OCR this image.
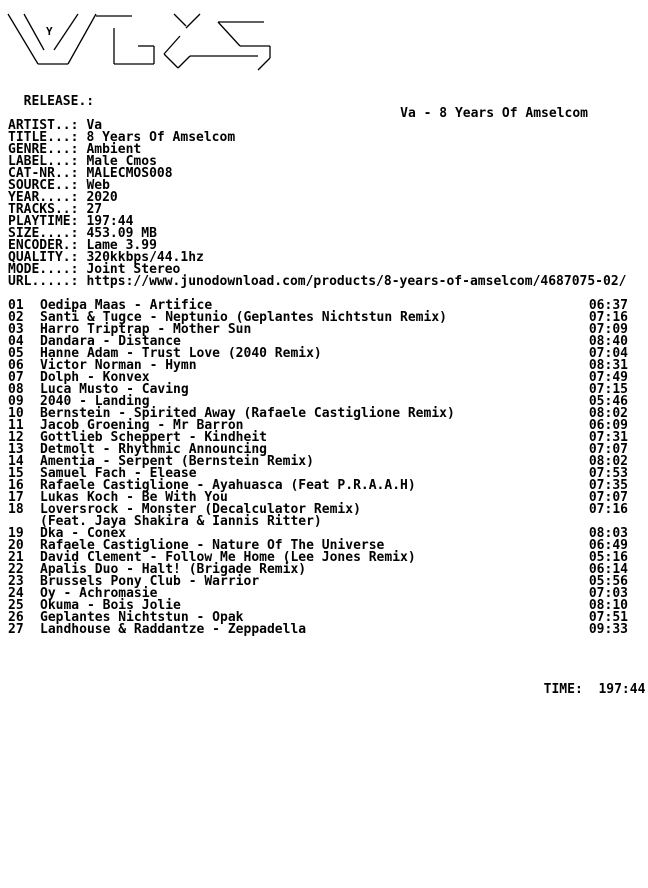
Y

RELEASE.:

Va - 8 Years Of Amselcom

ARTIST..: Va
TITLE...: 8 Years Of Amselcom
GENRE...: Ambient
LABEL...: Male Cmos
CAT-NR..: MALECMOS008
SOURCE..: Web
YEAR....: 2020
TRACKS..: 27
PLAYTIME: 197:44
SIZE....: 453.09 MB
ENCODER.: Lame 3.99
QUALITY.: 320kkbps/44.1hz
MODE....: Joint Stereo
URL.....: https://www.junodownload.com/products/8-years-of-amselcom/4687075-02/
01 Oedipa Maas - Artifice	06:37
02 Santi & Tugce - Neptunio (Geplantes Nichtstun Remix)	07:16
03 Harro Triptrap - Mother Sun	07:09
04 Dandara - Distance	08:40
05 Hanne Adam - Trust Love (2040 Remix)	07:04
06 Victor Norman - Hymn	08:31
07 Dolph - Konvex	07:49
08 Luca Musto - Caving	07:15
09 2040 - Landing	05:46
10 Bernstein - Spirited Away (Rafaele Castiglione Remix)	08:02
11 Jacob Groening - Mr Barron	06:09
12 Gottlieb Scheppert - Kindheit	07:31
13 Detmolt - Rhythmic Announcing	07:07
14 Amentia - Serpent (Bernstein Remix)	08:02
15 Samuel Fach - Elease	07:53
16 Rafaele Castiglione - Ayahuasca (Feat P.R.A.A.H)	07:35
17 Lukas Koch - Be With You	07:07
18 Loversrock - Monster (Decalculator Remix)	07:16
(Feat. Jaya Shakira & Iannis Ritter)
19 Dka - Conex	08:03
20 Rafaele Castiglione - Nature Of The Universe	06:49
21 David Clement - Follow Me Home (Lee Jones Remix)	05:16
22 Apalis Duo - Halt! (Brigade Remix)	06:14
23 Brussels Pony Club - Warrior	05:56
24 Oy - Achromasie	07:03
25 Okuma - Bois Jolie	08:10
26 Geplantes Nichtstun - Opak	07:51
27 Landhouse & Raddantze - Zeppadella	09:33

TIME: 197:44
